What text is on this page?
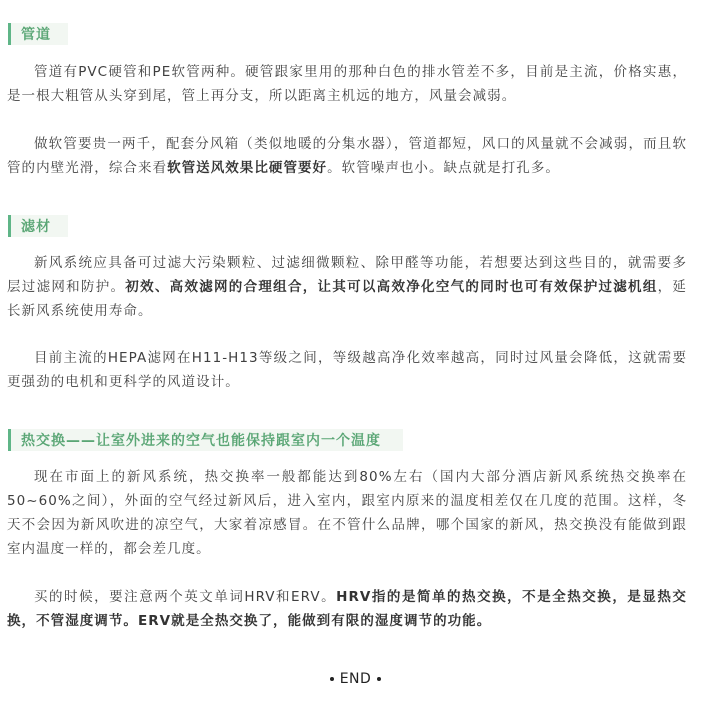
管道

管道有PVC硬管和PE软管两种。硬管跟家里用的那种白色的排水管差不多，目前是主流，价格实惠，是一根大粗管从头穿到尾，管上再分支，所以距离主机远的地方，风量会减弱。

做软管要贵一两千，配套分风箱（类似地暖的分集水器），管道都短，风口的风量就不会减弱，而且软管的内壁光滑，综合来看软管送风效果比硬管要好。软管噪声也小。缺点就是打孔多。

滤材

新风系统应具备可过滤大污染颗粒、过滤细微颗粒、除甲醛等功能，若想要达到这些目的，就需要多层过滤网和防护。初效、高效滤网的合理组合，让其可以高效净化空气的同时也可有效保护过滤机组，延长新风系统使用寿命。

目前主流的HEPA滤网在H11-H13等级之间，等级越高净化效率越高，同时过风量会降低，这就需要更强劲的电机和更科学的风道设计。

热交换——让室外进来的空气也能保持跟室内一个温度

现在市面上的新风系统，热交换率一般都能达到80%左右（国内大部分酒店新风系统热交换率在50~60%之间），外面的空气经过新风后，进入室内，跟室内原来的温度相差仅在几度的范围。这样，冬天不会因为新风吹进的凉空气，大家着凉感冒。在不管什么品牌，哪个国家的新风，热交换没有能做到跟室内温度一样的，都会差几度。

买的时候，要注意两个英文单词HRV和ERV。HRV指的是简单的热交换，不是全热交换，是显热交换，不管湿度调节。ERV就是全热交换了，能做到有限的湿度调节的功能。

END
